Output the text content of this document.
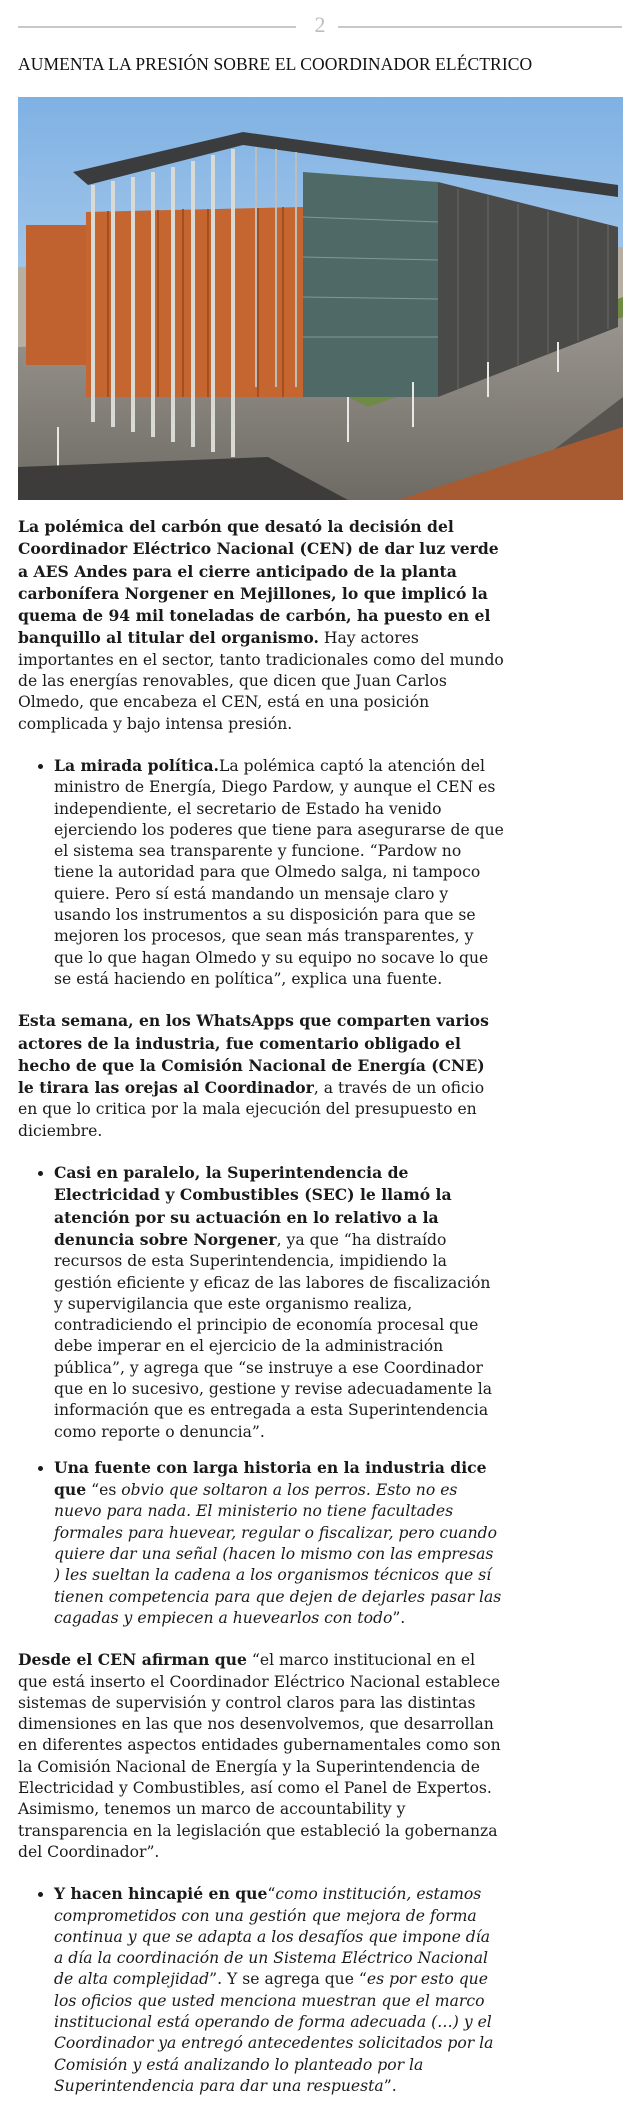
2
AUMENTA LA PRESIÓN SOBRE EL COORDINADOR ELÉCTRICO

La polémica del carbón que desató la decisión del Coordinador Eléctrico Nacional (CEN) de dar luz verde a AES Andes para el cierre anticipado de la planta carbonífera Norgener en Mejillones, lo que implicó la quema de 94 mil toneladas de carbón, ha puesto en el banquillo al titular del organismo. Hay actores importantes en el sector, tanto tradicionales como del mundo de las energías renovables, que dicen que Juan Carlos Olmedo, que encabeza el CEN, está en una posición complicada y bajo intensa presión.

• La mirada política.La polémica captó la atención del ministro de Energía, Diego Pardow, y aunque el CEN es independiente, el secretario de Estado ha venido ejerciendo los poderes que tiene para asegurarse de que el sistema sea transparente y funcione. “Pardow no tiene la autoridad para que Olmedo salga, ni tampoco quiere. Pero sí está mandando un mensaje claro y usando los instrumentos a su disposición para que se mejoren los procesos, que sean más transparentes, y que lo que hagan Olmedo y su equipo no socave lo que se está haciendo en política”, explica una fuente.

Esta semana, en los WhatsApps que comparten varios actores de la industria, fue comentario obligado el hecho de que la Comisión Nacional de Energía (CNE) le tirara las orejas al Coordinador, a través de un oficio en que lo critica por la mala ejecución del presupuesto en diciembre.

• Casi en paralelo, la Superintendencia de Electricidad y Combustibles (SEC) le llamó la atención por su actuación en lo relativo a la denuncia sobre Norgener, ya que “ha distraído recursos de esta Superintendencia, impidiendo la gestión eficiente y eficaz de las labores de fiscalización y supervigilancia que este organismo realiza, contradiciendo el principio de economía procesal que debe imperar en el ejercicio de la administración pública”, y agrega que “se instruye a ese Coordinador que en lo sucesivo, gestione y revise adecuadamente la información que es entregada a esta Superintendencia como reporte o denuncia”.
• Una fuente con larga historia en la industria dice que “es obvio que soltaron a los perros. Esto no es nuevo para nada. El ministerio no tiene facultades formales para huevear, regular o fiscalizar, pero cuando quiere dar una señal (hacen lo mismo con las empresas ) les sueltan la cadena a los organismos técnicos que sí tienen competencia para que dejen de dejarles pasar las cagadas y empiecen a huevearlos con todo”.

Desde el CEN afirman que “el marco institucional en el que está inserto el Coordinador Eléctrico Nacional establece sistemas de supervisión y control claros para las distintas dimensiones en las que nos desenvolvemos, que desarrollan en diferentes aspectos entidades gubernamentales como son la Comisión Nacional de Energía y la Superintendencia de Electricidad y Combustibles, así como el Panel de Expertos. Asimismo, tenemos un marco de accountability y transparencia en la legislación que estableció la gobernanza del Coordinador”.

• Y hacen hincapié en que“como institución, estamos comprometidos con una gestión que mejora de forma continua y que se adapta a los desafíos que impone día a día la coordinación de un Sistema Eléctrico Nacional de alta complejidad”. Y se agrega que “es por esto que los oficios que usted menciona muestran que el marco institucional está operando de forma adecuada (…) y el Coordinador ya entregó antecedentes solicitados por la Comisión y está analizando lo planteado por la Superintendencia para dar una respuesta”.
